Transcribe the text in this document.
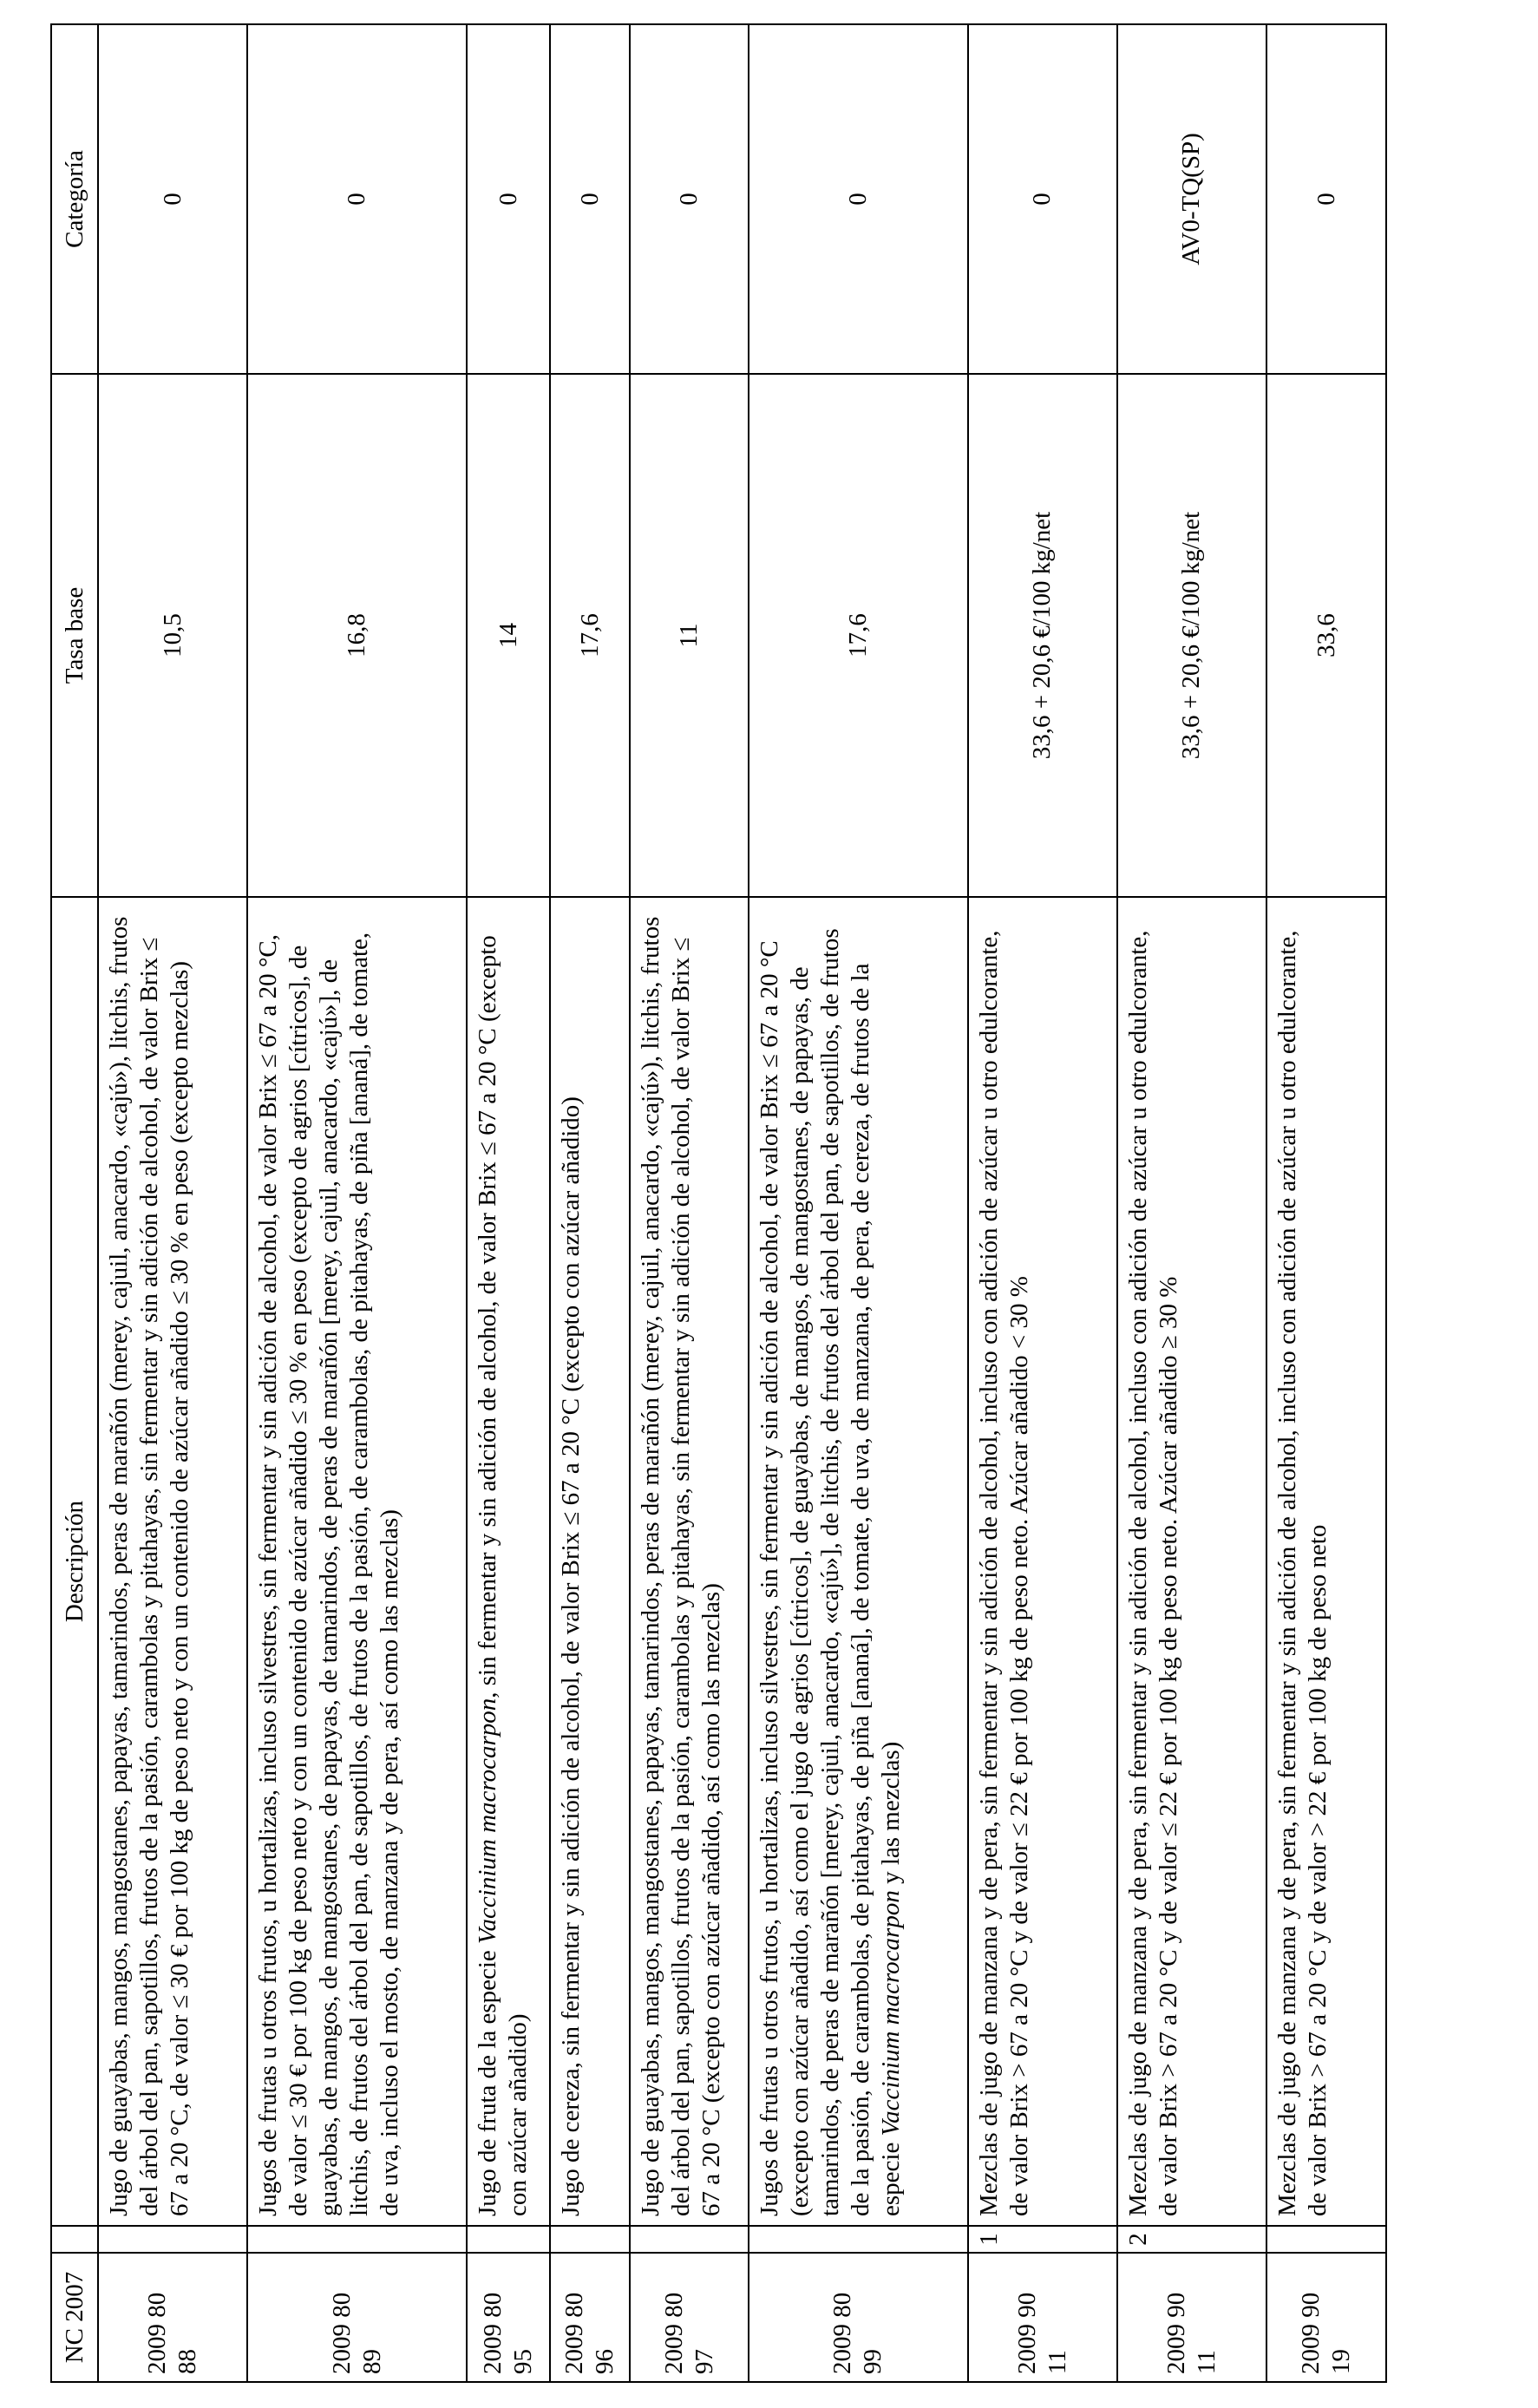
NC 2007		Descripción	Tasa base	Categoría
2009 80 88		Jugo de guayabas, mangos, mangostanes, papayas, tamarindos, peras de marañón (merey, cajuil, anacardo, «cajú»), litchis, frutos del árbol del pan, sapotillos, frutos de la pasión, carambolas y pitahayas, sin fermentar y sin adición de alcohol, de valor Brix ≤ 67 a 20 °C, de valor ≤ 30 € por 100 kg de peso neto y con un contenido de azúcar añadido ≤ 30 % en peso (excepto mezclas)	10,5	0
2009 80 89		Jugos de frutas u otros frutos, u hortalizas, incluso silvestres, sin fermentar y sin adición de alcohol, de valor Brix ≤ 67 a 20 °C, de valor ≤ 30 € por 100 kg de peso neto y con un contenido de azúcar añadido ≤ 30 % en peso (excepto de agrios [cítricos], de guayabas, de mangos, de mangostanes, de papayas, de tamarindos, de peras de marañón [merey, cajuil, anacardo, «cajú»], de litchis, de frutos del árbol del pan, de sapotillos, de frutos de la pasión, de carambolas, de pitahayas, de piña [ananá], de tomate, de uva, incluso el mosto, de manzana y de pera, así como las mezclas)	16,8	0
2009 80 95		Jugo de fruta de la especie Vaccinium macrocarpon, sin fermentar y sin adición de alcohol, de valor Brix ≤ 67 a 20 °C (excepto con azúcar añadido)	14	0
2009 80 96		Jugo de cereza, sin fermentar y sin adición de alcohol, de valor Brix ≤ 67 a 20 °C (excepto con azúcar añadido)	17,6	0
2009 80 97		Jugo de guayabas, mangos, mangostanes, papayas, tamarindos, peras de marañón (merey, cajuil, anacardo, «cajú»), litchis, frutos del árbol del pan, sapotillos, frutos de la pasión, carambolas y pitahayas, sin fermentar y sin adición de alcohol, de valor Brix ≤ 67 a 20 °C (excepto con azúcar añadido, así como las mezclas)	11	0
2009 80 99		Jugos de frutas u otros frutos, u hortalizas, incluso silvestres, sin fermentar y sin adición de alcohol, de valor Brix ≤ 67 a 20 °C (excepto con azúcar añadido, así como el jugo de agrios [cítricos], de guayabas, de mangos, de mangostanes, de papayas, de tamarindos, de peras de marañón [merey, cajuil, anacardo, «cajú»], de litchis, de frutos del árbol del pan, de sapotillos, de frutos de la pasión, de carambolas, de pitahayas, de piña [ananá], de tomate, de uva, de manzana, de pera, de cereza, de frutos de la especie Vaccinium macrocarpon y las mezclas)	17,6	0
2009 90 11	1	Mezclas de jugo de manzana y de pera, sin fermentar y sin adición de alcohol, incluso con adición de azúcar u otro edulcorante, de valor Brix > 67 a 20 °C y de valor ≤ 22 € por 100 kg de peso neto. Azúcar añadido < 30 %	33,6 + 20,6 €/100 kg/net	0
2009 90 11	2	Mezclas de jugo de manzana y de pera, sin fermentar y sin adición de alcohol, incluso con adición de azúcar u otro edulcorante, de valor Brix > 67 a 20 °C y de valor ≤ 22 € por 100 kg de peso neto. Azúcar añadido ≥ 30 %	33,6 + 20,6 €/100 kg/net	AV0-TQ(SP)
2009 90 19		Mezclas de jugo de manzana y de pera, sin fermentar y sin adición de alcohol, incluso con adición de azúcar u otro edulcorante, de valor Brix > 67 a 20 °C y de valor > 22 € por 100 kg de peso neto	33,6	0
